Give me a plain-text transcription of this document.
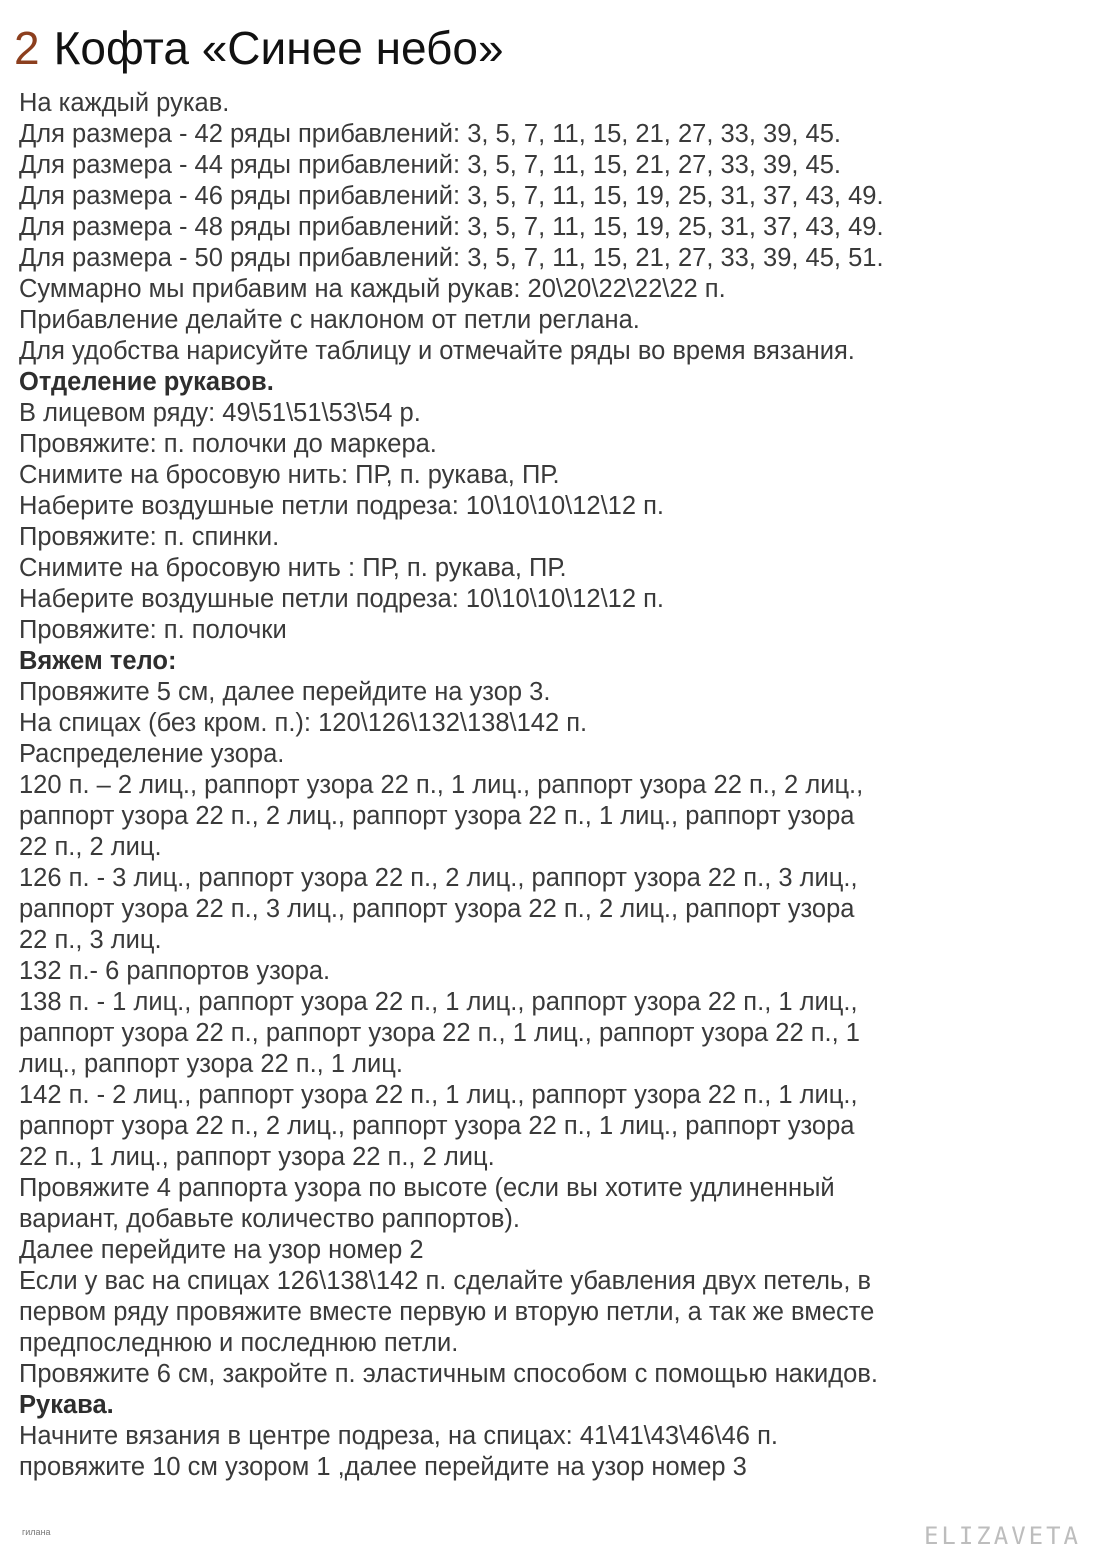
2 Кофта «Синее небо»

На каждый рукав.

Для размера - 42 ряды прибавлений: 3, 5, 7, 11, 15, 21, 27, 33, 39, 45.

Для размера - 44 ряды прибавлений: 3, 5, 7, 11, 15, 21, 27, 33, 39, 45.

Для размера - 46 ряды прибавлений: 3, 5, 7, 11, 15, 19, 25, 31, 37, 43, 49.

Для размера - 48 ряды прибавлений: 3, 5, 7, 11, 15, 19, 25, 31, 37, 43, 49.

Для размера - 50 ряды прибавлений: 3, 5, 7, 11, 15, 21, 27, 33, 39, 45, 51.

Суммарно мы прибавим на каждый рукав: 20\20\22\22\22 п.

Прибавление делайте с наклоном от петли реглана.

Для удобства нарисуйте таблицу и отмечайте ряды во время вязания.

Отделение рукавов.

В лицевом ряду: 49\51\51\53\54 р.

Провяжите: п. полочки до маркера.

Снимите на бросовую нить: ПР, п. рукава, ПР.

Наберите воздушные петли подреза: 10\10\10\12\12 п.

Провяжите: п. спинки.

Снимите на бросовую нить : ПР, п. рукава, ПР.

Наберите воздушные петли подреза: 10\10\10\12\12 п.

Провяжите: п. полочки

Вяжем тело:

Провяжите 5 см, далее перейдите на узор 3.

На спицах (без кром. п.): 120\126\132\138\142 п.

Распределение узора.

120 п. – 2 лиц., раппорт узора 22 п., 1 лиц., раппорт узора 22 п., 2 лиц.,

раппорт узора 22 п., 2 лиц., раппорт узора 22 п., 1 лиц., раппорт узора

22 п., 2 лиц.

126 п. - 3 лиц., раппорт узора 22 п., 2 лиц., раппорт узора 22 п., 3 лиц.,

раппорт узора 22 п., 3 лиц., раппорт узора 22 п., 2 лиц., раппорт узора

22 п., 3 лиц.

132 п.- 6 раппортов узора.

138 п. - 1 лиц., раппорт узора 22 п., 1 лиц., раппорт узора 22 п., 1 лиц.,

раппорт узора 22 п., раппорт узора 22 п., 1 лиц., раппорт узора 22 п., 1

лиц., раппорт узора 22 п., 1 лиц.

142 п. - 2 лиц., раппорт узора 22 п., 1 лиц., раппорт узора 22 п., 1 лиц.,

раппорт узора 22 п., 2 лиц., раппорт узора 22 п., 1 лиц., раппорт узора

22 п., 1 лиц., раппорт узора 22 п., 2 лиц.

Провяжите 4 раппорта узора по высоте (если вы хотите удлиненный

вариант, добавьте количество раппортов).

Далее перейдите на узор номер 2

Если у вас на спицах 126\138\142 п. сделайте убавления двух петель, в

первом ряду провяжите вместе первую и вторую петли, а так же вместе

предпоследнюю и последнюю петли.

Провяжите 6 см, закройте п. эластичным способом с помощью накидов.

Рукава.

Начните вязания в центре подреза, на спицах: 41\41\43\46\46 п.

провяжите 10 см узором 1 ,далее перейдите на узор номер 3

гилана	ELIZAVETA
